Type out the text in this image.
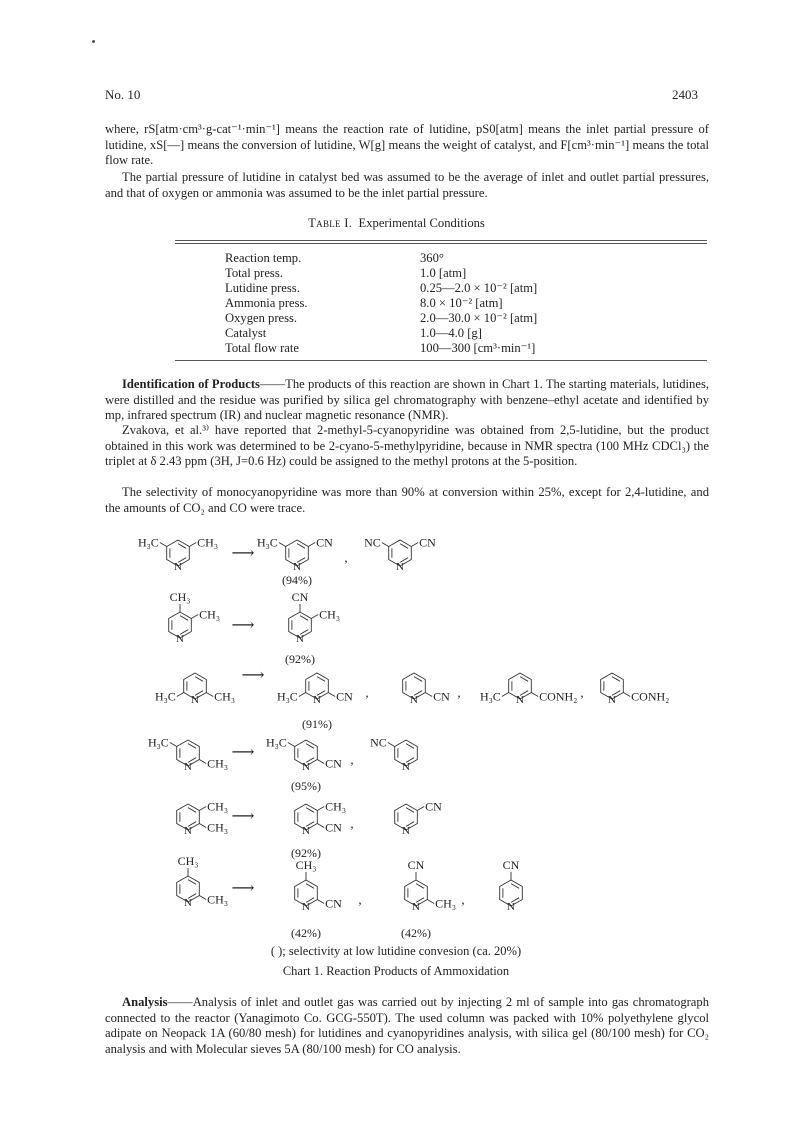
No. 10	2403

where, rS[atm·cm³·g-cat⁻¹·min⁻¹] means the reaction rate of lutidine, pS0[atm] means the inlet partial pressure of lutidine, xS[—] means the conversion of lutidine, W[g] means the weight of catalyst, and F[cm³·min⁻¹] means the total flow rate.

The partial pressure of lutidine in catalyst bed was assumed to be the average of inlet and outlet partial pressures, and that of oxygen or ammonia was assumed to be the inlet partial pressure.

Table I. Experimental Conditions
Reaction temp.	360°
Total press.	1.0 [atm]
Lutidine press.	0.25—2.0 × 10⁻² [atm]
Ammonia press.	8.0 × 10⁻² [atm]
Oxygen press.	2.0—30.0 × 10⁻² [atm]
Catalyst	1.0—4.0 [g]
Total flow rate	100—300 [cm³·min⁻¹]

Identification of Products——The products of this reaction are shown in Chart 1. The starting materials, lutidines, were distilled and the residue was purified by silica gel chromatography with benzene–ethyl acetate and identified by mp, infrared spectrum (IR) and nuclear magnetic resonance (NMR).

Zvakova, et al.³⁾ have reported that 2-methyl-5-cyanopyridine was obtained from 2,5-lutidine, but the product obtained in this work was determined to be 2-cyano-5-methylpyridine, because in NMR spectra (100 MHz CDCl₃) the triplet at δ 2.43 ppm (3H, J=0.6 Hz) could be assigned to the methyl protons at the 5-position.

The selectivity of monocyanopyridine was more than 90% at conversion within 25%, except for 2,4-lutidine, and the amounts of CO₂ and CO were trace.

N
H₃C	CH₃
⟶
N
H₃C	CN
,
N
NC	CN
(94%)
N
CH₃
CH₃
⟶
N
CN
CH₃
(92%)
N
H₃C	CH₃
⟶
N
H₃C	CN ,	N CN ,	N
H₃C	CONH₂ , N CONH₂
(91%)
N
H₃C
CH₃
⟶
N
H₃C
CN ,	N
NC
(95%)
N
CH₃
CH₃
⟶
N
CH₃
CN ,	N
CN
(92%)
N
CH₃
CH₃
⟶
N
CH₃
CN ,	N
CN
CH₃ ,	N
CN
(42%)	(42%)
( ); selectivity at low lutidine convesion (ca. 20%)
Chart 1. Reaction Products of Ammoxidation

Analysis——Analysis of inlet and outlet gas was carried out by injecting 2 ml of sample into gas chromatograph connected to the reactor (Yanagimoto Co. GCG-550T). The used column was packed with 10% polyethylene glycol adipate on Neopack 1A (60/80 mesh) for lutidines and cyanopyridines analysis, with silica gel (80/100 mesh) for CO₂ analysis and with Molecular sieves 5A (80/100 mesh) for CO analysis.
